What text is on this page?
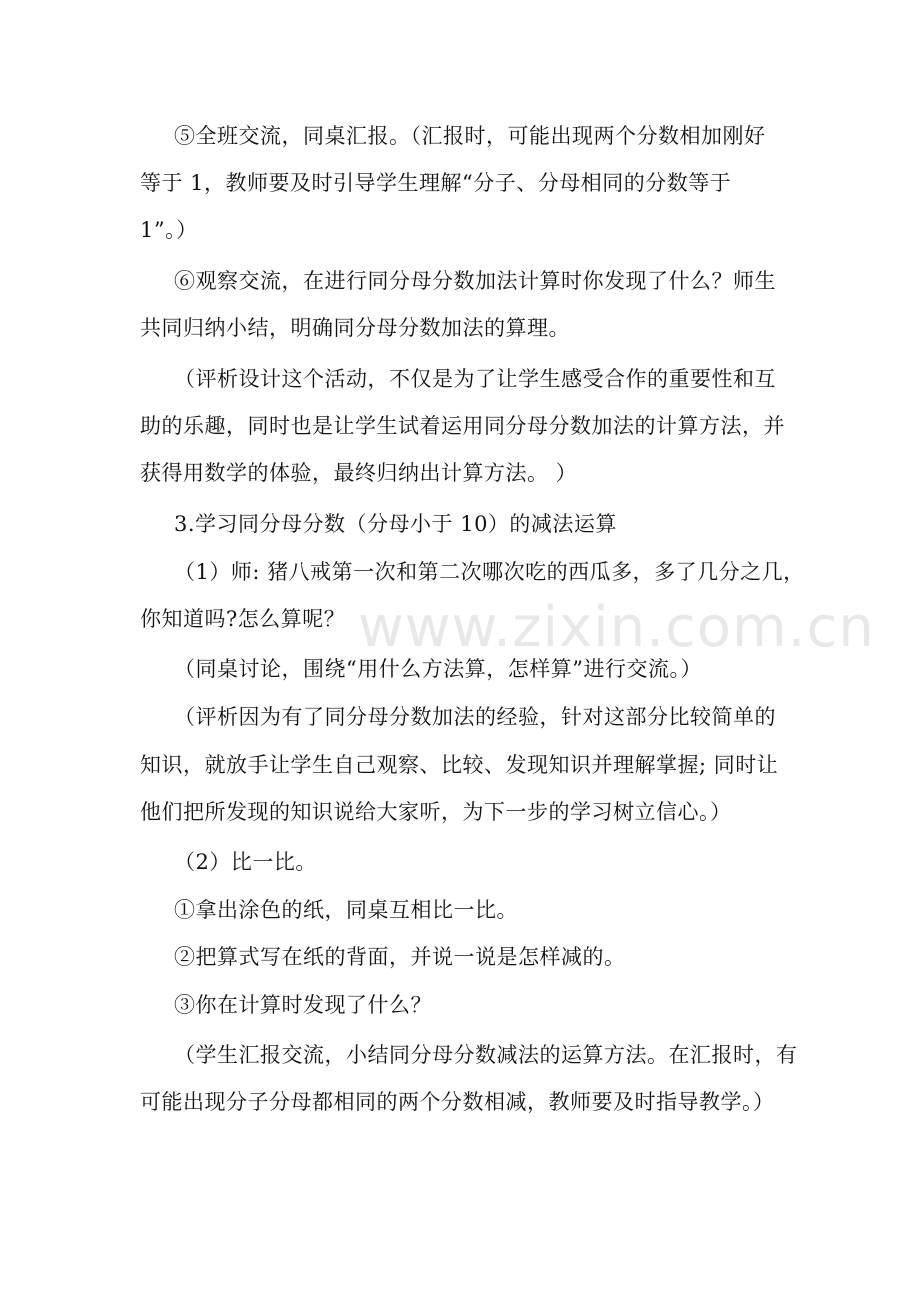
⑤全班交流，同桌汇报。（汇报时，可能出现两个分数相加刚好
等于 1，教师要及时引导学生理解“分子、分母相同的分数等于
1”。）
⑥观察交流，在进行同分母分数加法计算时你发现了什么？师生
共同归纳小结，明确同分母分数加法的算理。
（评析设计这个活动，不仅是为了让学生感受合作的重要性和互
助的乐趣，同时也是让学生试着运用同分母分数加法的计算方法，并
获得用数学的体验，最终归纳出计算方法。 ）
3.学习同分母分数（分母小于 10）的减法运算
（1）师: 猪八戒第一次和第二次哪次吃的西瓜多，多了几分之几，
你知道吗?怎么算呢？
（同桌讨论，围绕“用什么方法算，怎样算”进行交流。）
（评析因为有了同分母分数加法的经验，针对这部分比较简单的
知识，就放手让学生自己观察、比较、发现知识并理解掌握; 同时让
他们把所发现的知识说给大家听，为下一步的学习树立信心。）
（2）比一比。
①拿出涂色的纸，同桌互相比一比。
②把算式写在纸的背面，并说一说是怎样减的。
③你在计算时发现了什么？
（学生汇报交流，小结同分母分数减法的运算方法。在汇报时，有
可能出现分子分母都相同的两个分数相减，教师要及时指导教学。）
www.zixin.com.cn
